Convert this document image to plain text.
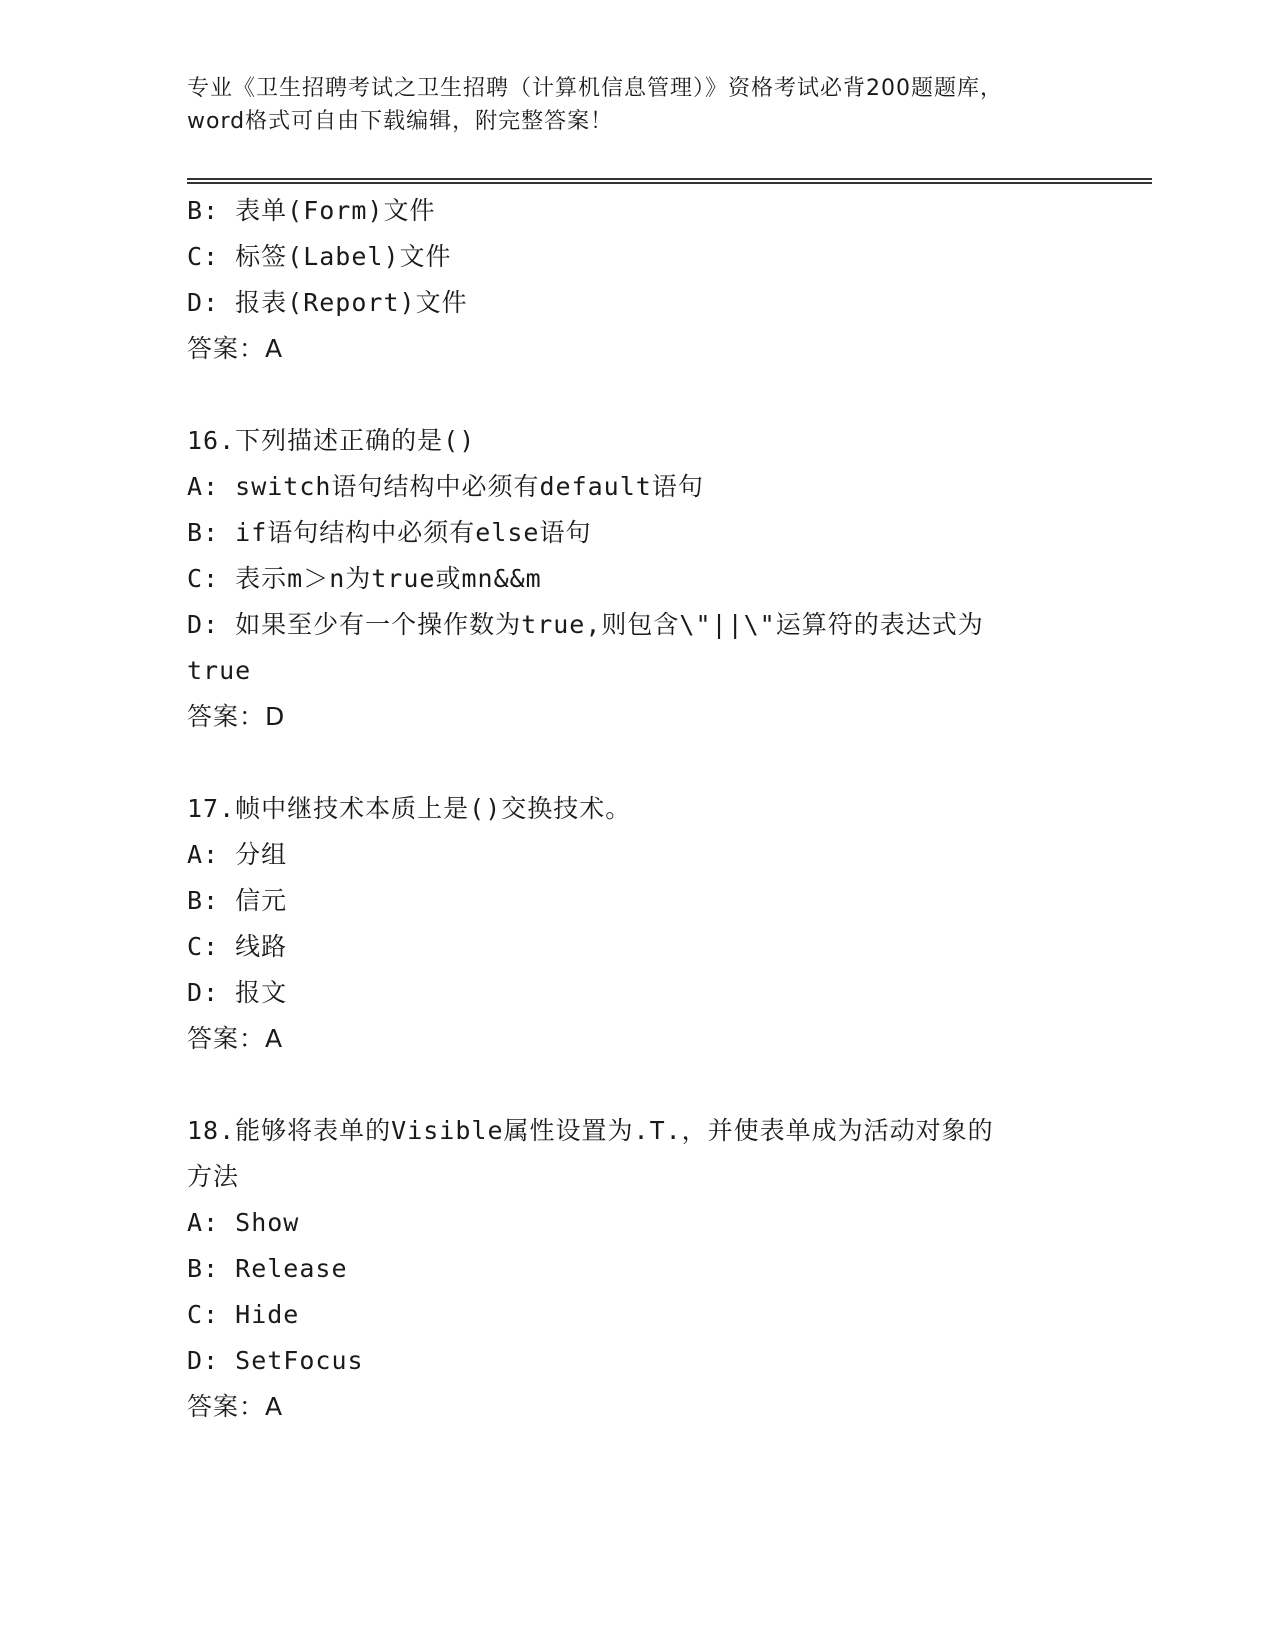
专业《卫生招聘考试之卫生招聘（计算机信息管理）》资格考试必背200题题库，
word格式可自由下载编辑，附完整答案！
B: 表单(Form)文件
C: 标签(Label)文件
D: 报表(Report)文件
答案：A
16.下列描述正确的是()
A: switch语句结构中必须有default语句
B: if语句结构中必须有else语句
C: 表示m＞n为true或mn&&m
D: 如果至少有一个操作数为true,则包含\"||\"运算符的表达式为
true
答案：D
17.帧中继技术本质上是()交换技术。
A: 分组
B: 信元
C: 线路
D: 报文
答案：A
18.能够将表单的Visible属性设置为.T.，并使表单成为活动对象的
方法
A: Show
B: Release
C: Hide
D: SetFocus
答案：A
